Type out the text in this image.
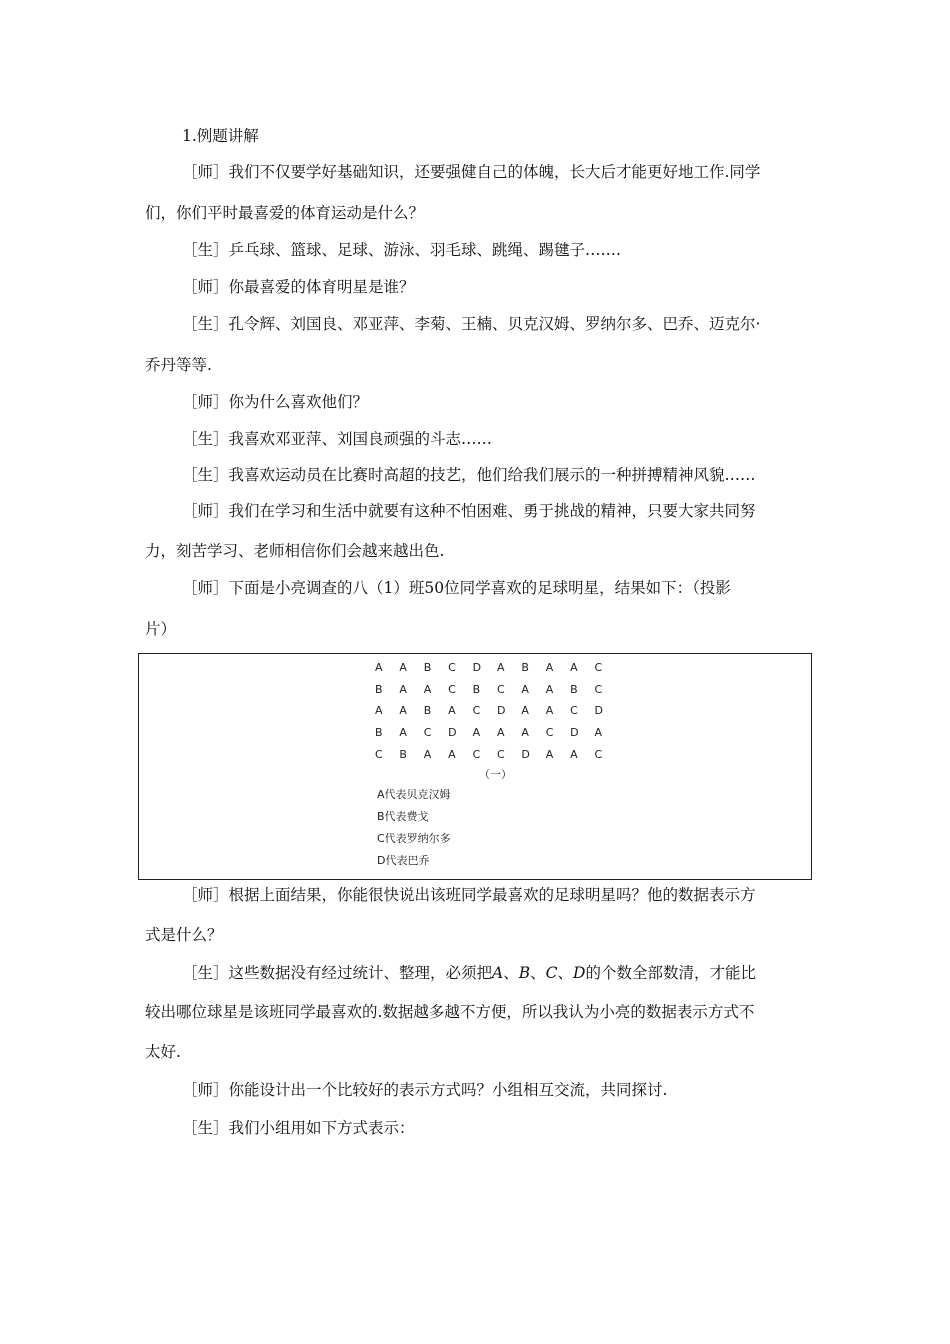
1.例题讲解
［师］我们不仅要学好基础知识，还要强健自己的体魄，长大后才能更好地工作.同学
们，你们平时最喜爱的体育运动是什么？
［生］乒乓球、篮球、足球、游泳、羽毛球、跳绳、踢毽子…….
［师］你最喜爱的体育明星是谁？
［生］孔令辉、刘国良、邓亚萍、李菊、王楠、贝克汉姆、罗纳尔多、巴乔、迈克尔·
乔丹等等.
［师］你为什么喜欢他们？
［生］我喜欢邓亚萍、刘国良顽强的斗志……
［生］我喜欢运动员在比赛时高超的技艺，他们给我们展示的一种拼搏精神风貌……
［师］我们在学习和生活中就要有这种不怕困难、勇于挑战的精神，只要大家共同努
力，刻苦学习、老师相信你们会越来越出色.
［师］下面是小亮调查的八（1）班50位同学喜欢的足球明星，结果如下：（投影
片）
A	A	B	C	D	A	B	A	A	C
B	A	A	C	B	C	A	A	B	C
A	A	B	A	C	D	A	A	C	D
B	A	C	D	A	A	A	C	D	A
C	B	A	A	C	C	D	A	A	C
（一）
A代表贝克汉姆
B代表费戈
C代表罗纳尔多
D代表巴乔
［师］根据上面结果，你能很快说出该班同学最喜欢的足球明星吗？他的数据表示方
式是什么？
［生］这些数据没有经过统计、整理，必须把A、B、C、D的个数全部数清，才能比
较出哪位球星是该班同学最喜欢的.数据越多越不方便，所以我认为小亮的数据表示方式不
太好.
［师］你能设计出一个比较好的表示方式吗？小组相互交流，共同探讨.
［生］我们小组用如下方式表示：
